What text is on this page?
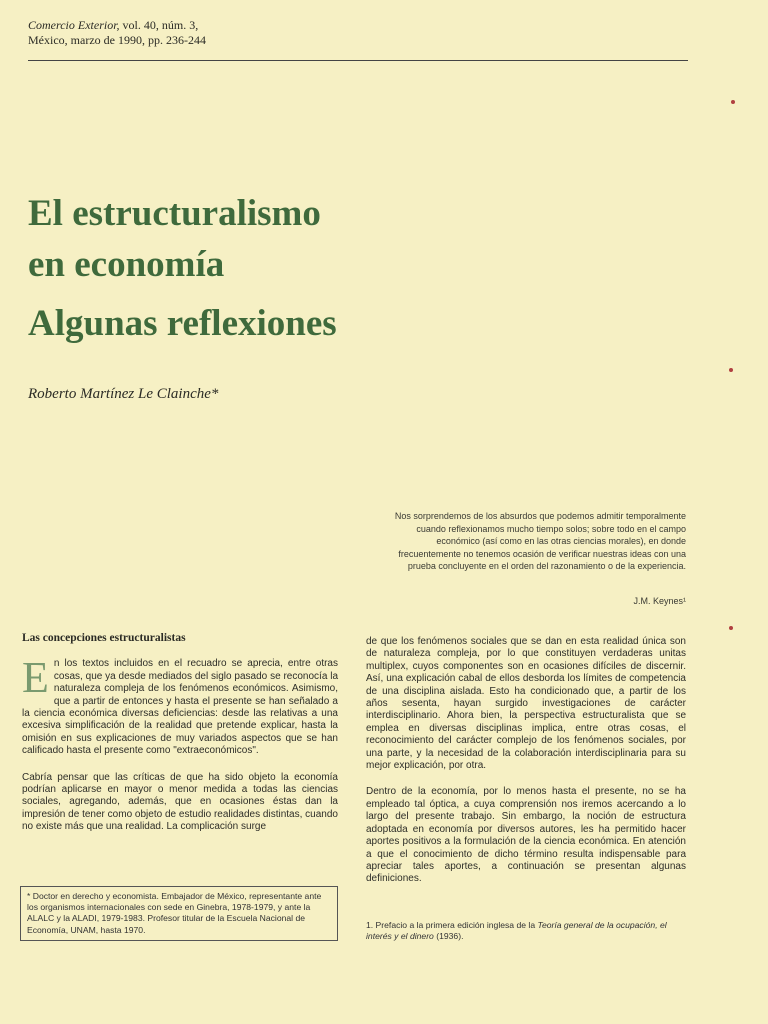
Comercio Exterior, vol. 40, núm. 3,
México, marzo de 1990, pp. 236-244
El estructuralismo
en economía
Algunas reflexiones
Roberto Martínez Le Clainche*
Nos sorprendemos de los absurdos que podemos admitir temporalmente cuando reflexionamos mucho tiempo solos; sobre todo en el campo económico (así como en las otras ciencias morales), en donde frecuentemente no tenemos ocasión de verificar nuestras ideas con una prueba concluyente en el orden del razonamiento o de la experiencia.
J.M. Keynes¹
Las concepciones estructuralistas

En los textos incluidos en el recuadro se aprecia, entre otras cosas, que ya desde mediados del siglo pasado se reconocía la naturaleza compleja de los fenómenos económicos. Asimismo, que a partir de entonces y hasta el presente se han señalado a la ciencia económica diversas deficiencias: desde las relativas a una excesiva simplificación de la realidad que pretende explicar, hasta la omisión en sus explicaciones de muy variados aspectos que se han calificado hasta el presente como "extraeconómicos".

Cabría pensar que las críticas de que ha sido objeto la economía podrían aplicarse en mayor o menor medida a todas las ciencias sociales, agregando, además, que en ocasiones éstas dan la impresión de tener como objeto de estudio realidades distintas, cuando no existe más que una realidad. La complicación surge

* Doctor en derecho y economista. Embajador de México, representante ante los organismos internacionales con sede en Ginebra, 1978-1979, y ante la ALALC y la ALADI, 1979-1983. Profesor titular de la Escuela Nacional de Economía, UNAM, hasta 1970.

de que los fenómenos sociales que se dan en esta realidad única son de naturaleza compleja, por lo que constituyen verdaderas unitas multiplex, cuyos componentes son en ocasiones difíciles de discernir. Así, una explicación cabal de ellos desborda los límites de competencia de una disciplina aislada. Esto ha condicionado que, a partir de los años sesenta, hayan surgido investigaciones de carácter interdisciplinario. Ahora bien, la perspectiva estructuralista que se emplea en diversas disciplinas implica, entre otras cosas, el reconocimiento del carácter complejo de los fenómenos sociales, por una parte, y la necesidad de la colaboración interdisciplinaria para su mejor explicación, por otra.

Dentro de la economía, por lo menos hasta el presente, no se ha empleado tal óptica, a cuya comprensión nos iremos acercando a lo largo del presente trabajo. Sin embargo, la noción de estructura adoptada en economía por diversos autores, les ha permitido hacer aportes positivos a la formulación de la ciencia económica. En atención a que el conocimiento de dicho término resulta indispensable para apreciar tales aportes, a continuación se presentan algunas definiciones.

1. Prefacio a la primera edición inglesa de la Teoría general de la ocupación, el interés y el dinero (1936).
